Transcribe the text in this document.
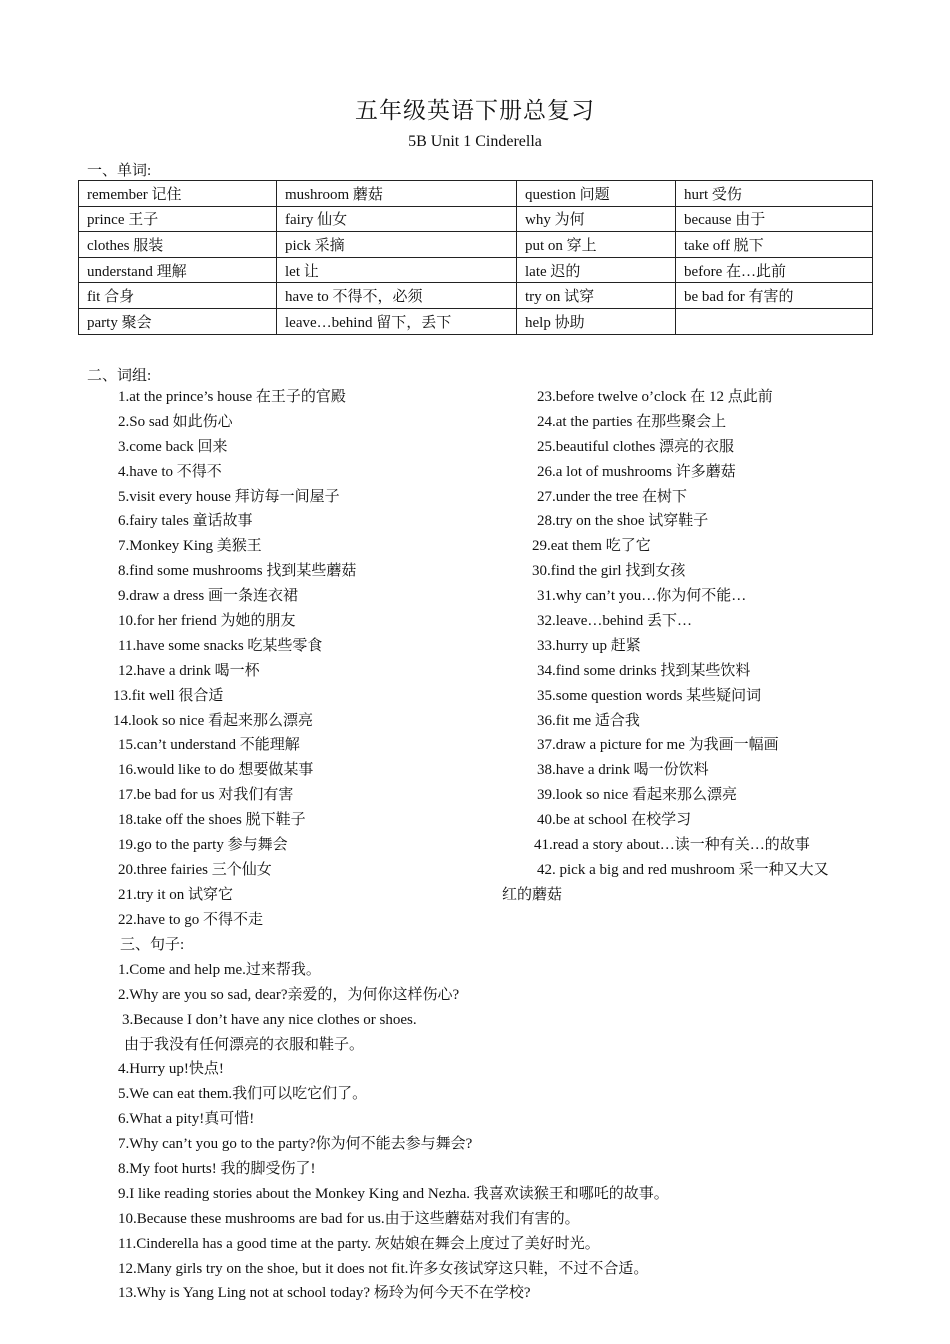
五年级英语下册总复习
5B Unit 1 Cinderella
一、单词:
remember 记住	mushroom 蘑菇	question 问题	hurt 受伤
prince 王子	fairy 仙女	why 为何	because 由于
clothes 服装	pick 采摘	put on 穿上	take off 脱下
understand 理解	let 让	late 迟的	before 在…此前
fit 合身	have to 不得不，必须	try on 试穿	be bad for 有害的
party 聚会	leave…behind 留下，丢下	help 协助	
二、词组:
1.at the prince’s house 在王子的官殿
2.So sad 如此伤心
3.come back 回来
4.have to 不得不
5.visit every house 拜访每一间屋子
6.fairy tales 童话故事
7.Monkey King 美猴王
8.find some mushrooms 找到某些蘑菇
9.draw a dress 画一条连衣裙
10.for her friend 为她的朋友
11.have some snacks 吃某些零食
12.have a drink 喝一杯
13.fit well 很合适
14.look so nice 看起来那么漂亮
15.can’t understand 不能理解
16.would like to do 想要做某事
17.be bad for us 对我们有害
18.take off the shoes 脱下鞋子
19.go to the party 参与舞会
20.three fairies 三个仙女
21.try it on 试穿它
22.have to go 不得不走
23.before twelve o’clock 在 12 点此前
24.at the parties 在那些聚会上
25.beautiful clothes 漂亮的衣服
26.a lot of mushrooms 许多蘑菇
27.under the tree 在树下
28.try on the shoe 试穿鞋子
29.eat them 吃了它
30.find the girl 找到女孩
31.why can’t you…你为何不能…
32.leave…behind 丢下…
33.hurry up 赶紧
34.find some drinks 找到某些饮料
35.some question words 某些疑问词
36.fit me 适合我
37.draw a picture for me 为我画一幅画
38.have a drink 喝一份饮料
39.look so nice 看起来那么漂亮
40.be at school 在校学习
41.read a story about…读一种有关…的故事
42. pick a big and red mushroom 采一种又大又
红的蘑菇
三、句子:
1.Come and help me.过来帮我。
2.Why are you so sad, dear?亲爱的，为何你这样伤心?
3.Because I don’t have any nice clothes or shoes.
由于我没有任何漂亮的衣服和鞋子。
4.Hurry up!快点!
5.We can eat them.我们可以吃它们了。
6.What a pity!真可惜!
7.Why can’t you go to the party?你为何不能去参与舞会?
8.My foot hurts! 我的脚受伤了!
9.I like reading stories about the Monkey King and Nezha. 我喜欢读猴王和哪吒的故事。
10.Because these mushrooms are bad for us.由于这些蘑菇对我们有害的。
11.Cinderella has a good time at the party. 灰姑娘在舞会上度过了美好时光。
12.Many girls try on the shoe, but it does not fit.许多女孩试穿这只鞋，不过不合适。
13.Why is Yang Ling not at school today? 杨玲为何今天不在学校?
